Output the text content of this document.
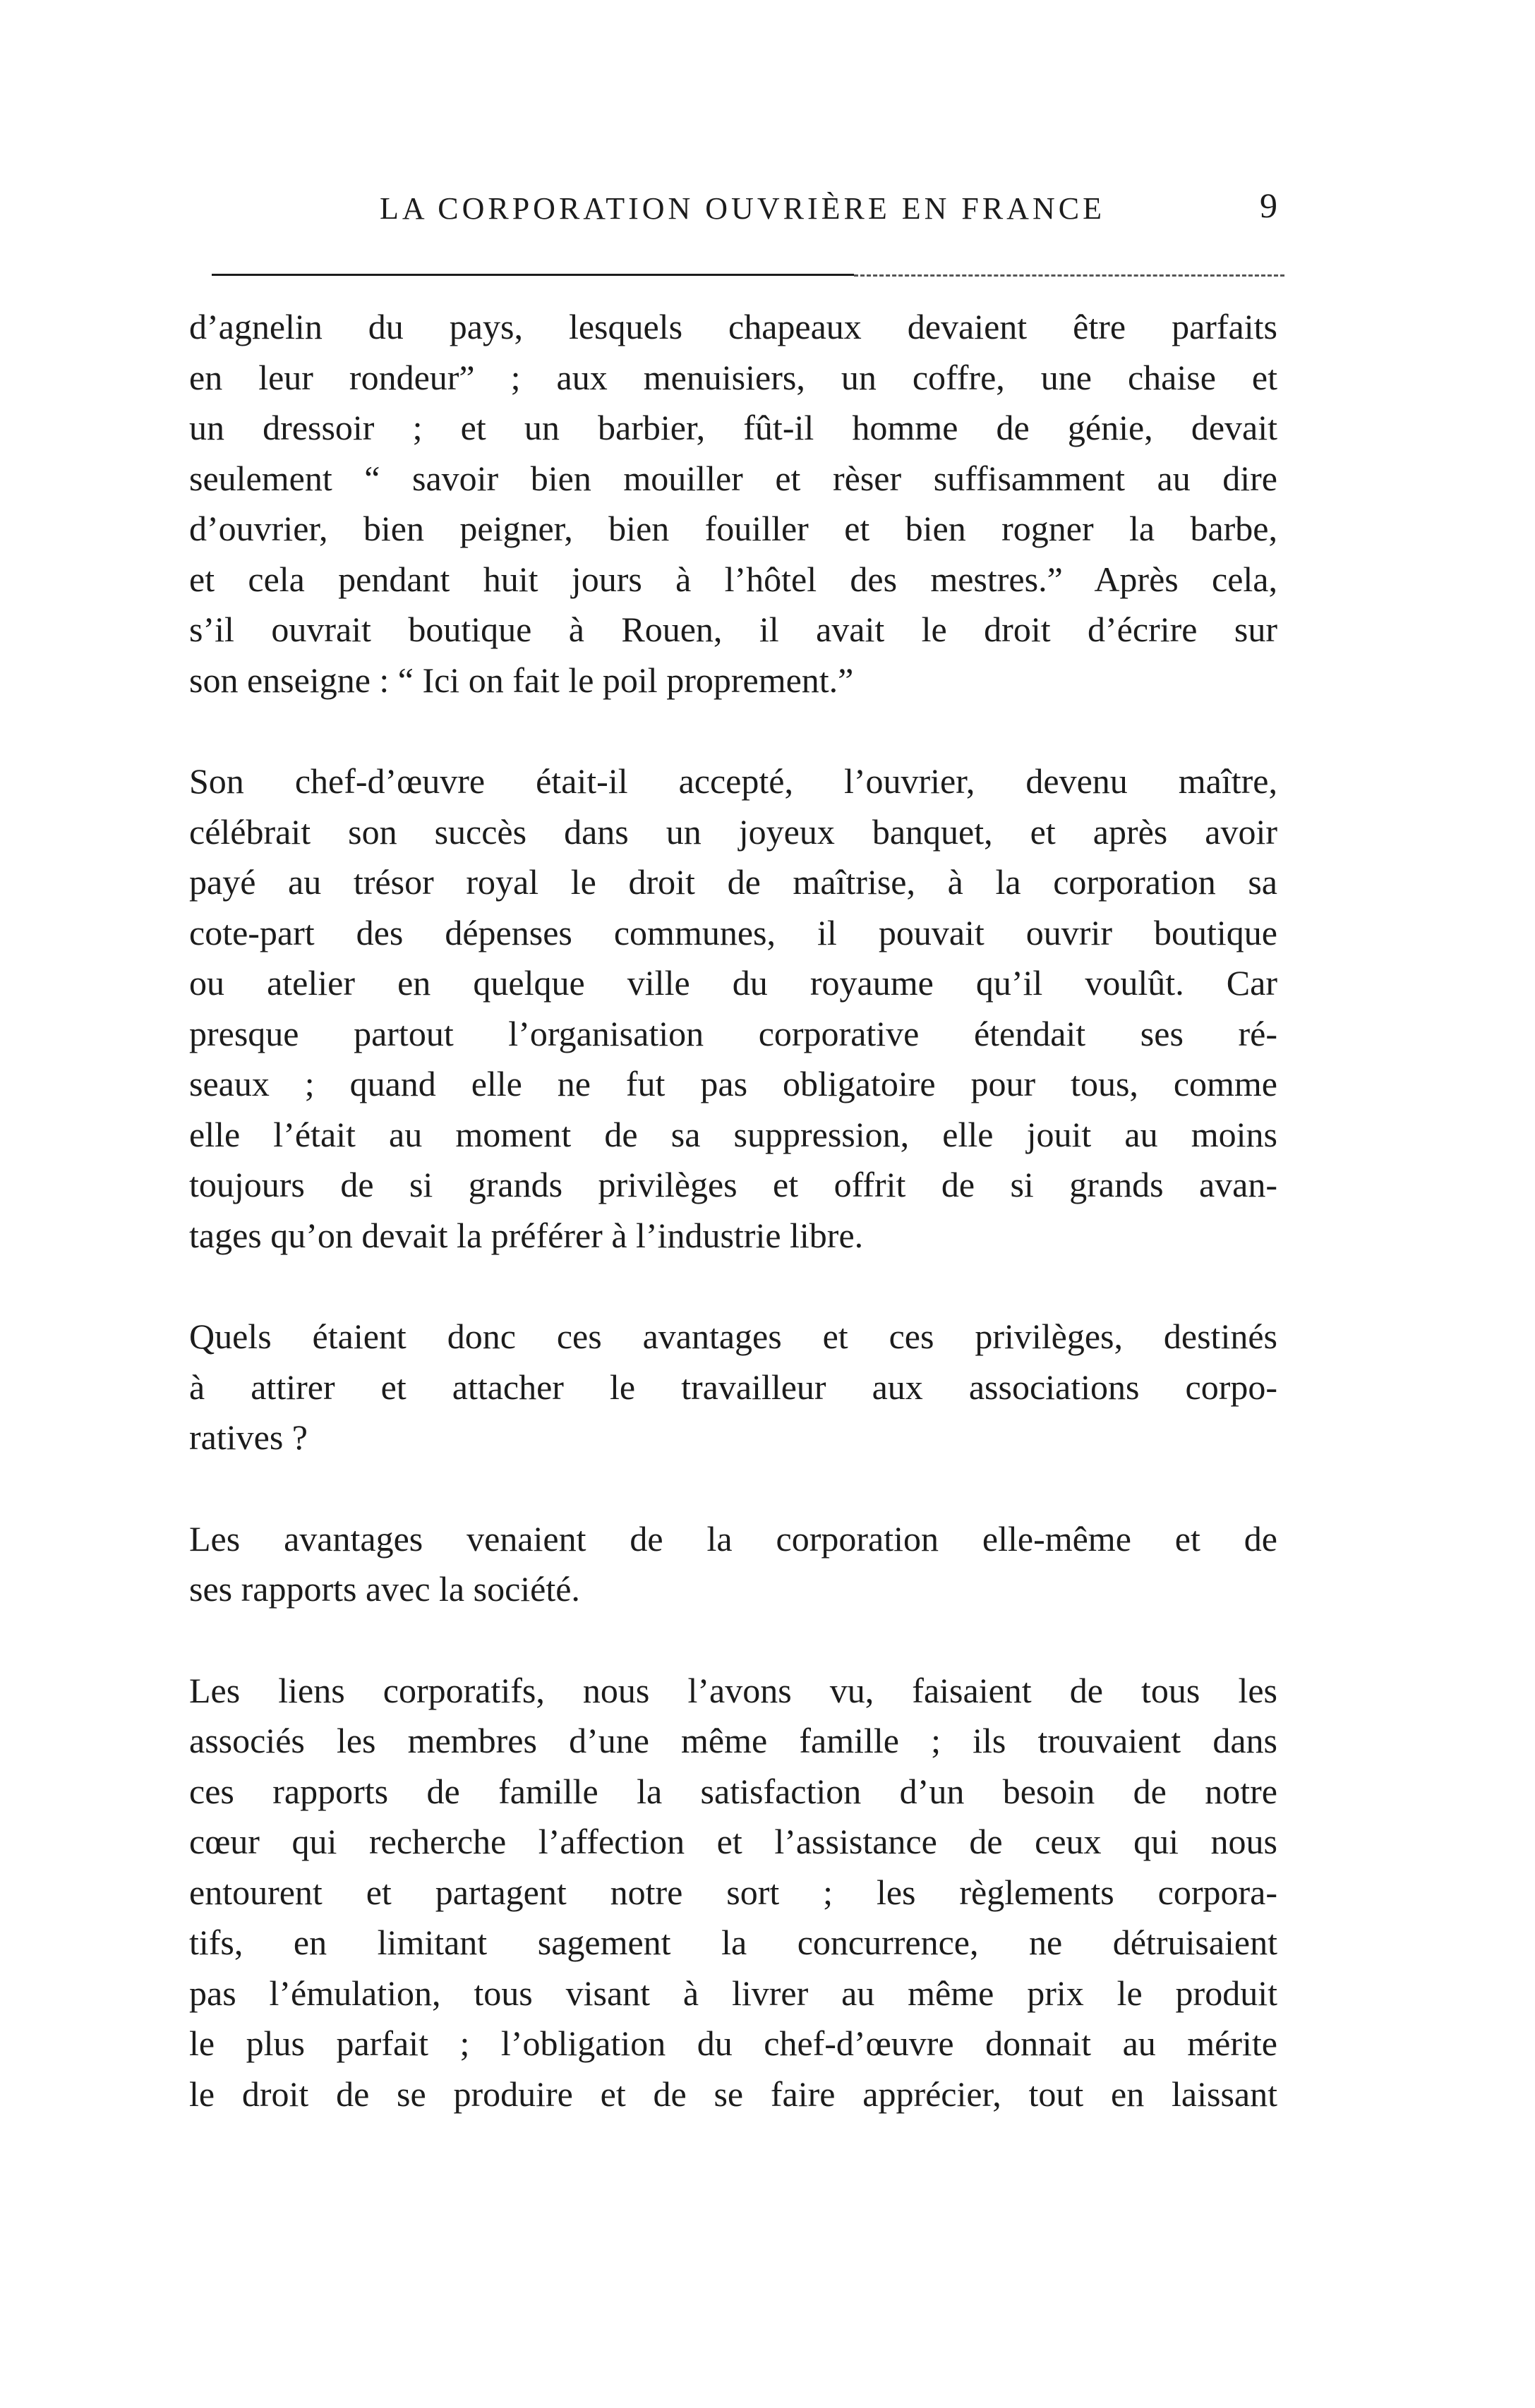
LA CORPORATION OUVRIÈRE EN FRANCE	9
d’agnelin du pays, lesquels chapeaux devaient être parfaits
en leur rondeur” ; aux menuisiers, un coffre, une chaise et
un dressoir ; et un barbier, fût-il homme de génie, devait
seulement “ savoir bien mouiller et rèser suffisamment au dire
d’ouvrier, bien peigner, bien fouiller et bien rogner la barbe,
et cela pendant huit jours à l’hôtel des mestres.” Après cela,
s’il ouvrait boutique à Rouen, il avait le droit d’écrire sur
son enseigne : “ Ici on fait le poil proprement.”
Son chef-d’œuvre était-il accepté, l’ouvrier, devenu maître,
célébrait son succès dans un joyeux banquet, et après avoir
payé au trésor royal le droit de maîtrise, à la corporation sa
cote-part des dépenses communes, il pouvait ouvrir boutique
ou atelier en quelque ville du royaume qu’il voulût. Car
presque partout l’organisation corporative étendait ses ré-
seaux ; quand elle ne fut pas obligatoire pour tous, comme
elle l’était au moment de sa suppression, elle jouit au moins
toujours de si grands privilèges et offrit de si grands avan-
tages qu’on devait la préférer à l’industrie libre.
Quels étaient donc ces avantages et ces privilèges, destinés
à attirer et attacher le travailleur aux associations corpo-
ratives ?
Les avantages venaient de la corporation elle-même et de
ses rapports avec la société.
Les liens corporatifs, nous l’avons vu, faisaient de tous les
associés les membres d’une même famille ; ils trouvaient dans
ces rapports de famille la satisfaction d’un besoin de notre
cœur qui recherche l’affection et l’assistance de ceux qui nous
entourent et partagent notre sort ; les règlements corpora-
tifs, en limitant sagement la concurrence, ne détruisaient
pas l’émulation, tous visant à livrer au même prix le produit
le plus parfait ; l’obligation du chef-d’œuvre donnait au mérite
le droit de se produire et de se faire apprécier, tout en laissant
